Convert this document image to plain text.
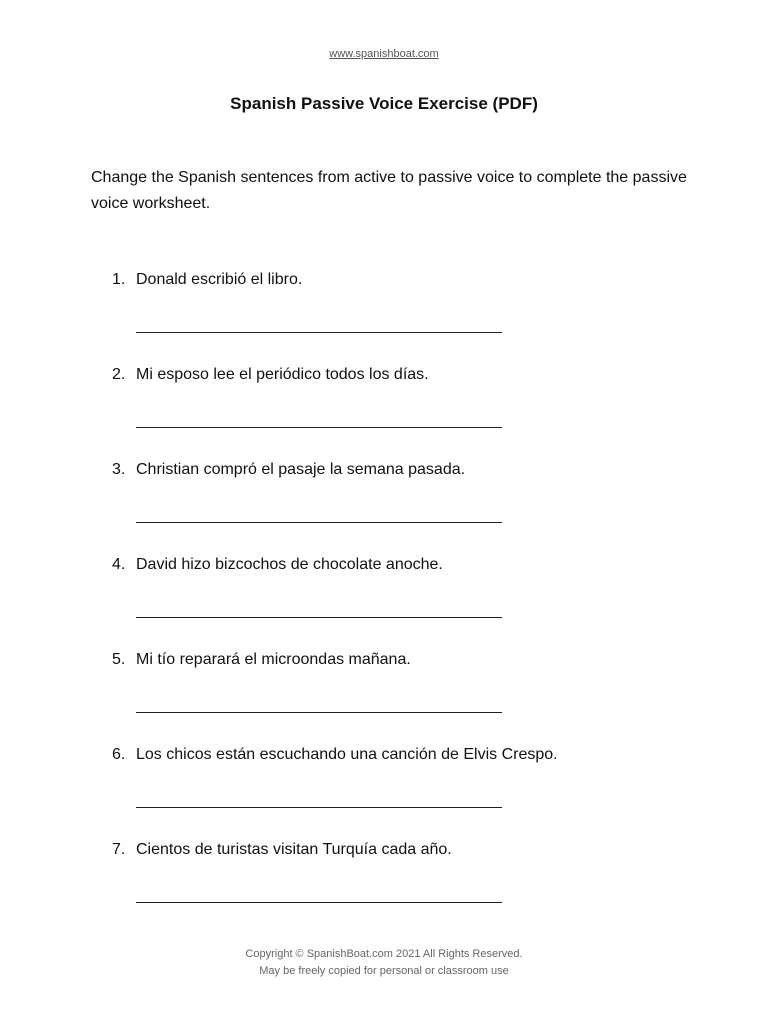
www.spanishboat.com
Spanish Passive Voice Exercise (PDF)

Change the Spanish sentences from active to passive voice to complete the passive voice worksheet.

1. Donald escribió el libro.
2. Mi esposo lee el periódico todos los días.
3. Christian compró el pasaje la semana pasada.
4. David hizo bizcochos de chocolate anoche.
5. Mi tío reparará el microondas mañana.
6. Los chicos están escuchando una canción de Elvis Crespo.
7. Cientos de turistas visitan Turquía cada año.
Copyright © SpanishBoat.com 2021 All Rights Reserved.
May be freely copied for personal or classroom use
